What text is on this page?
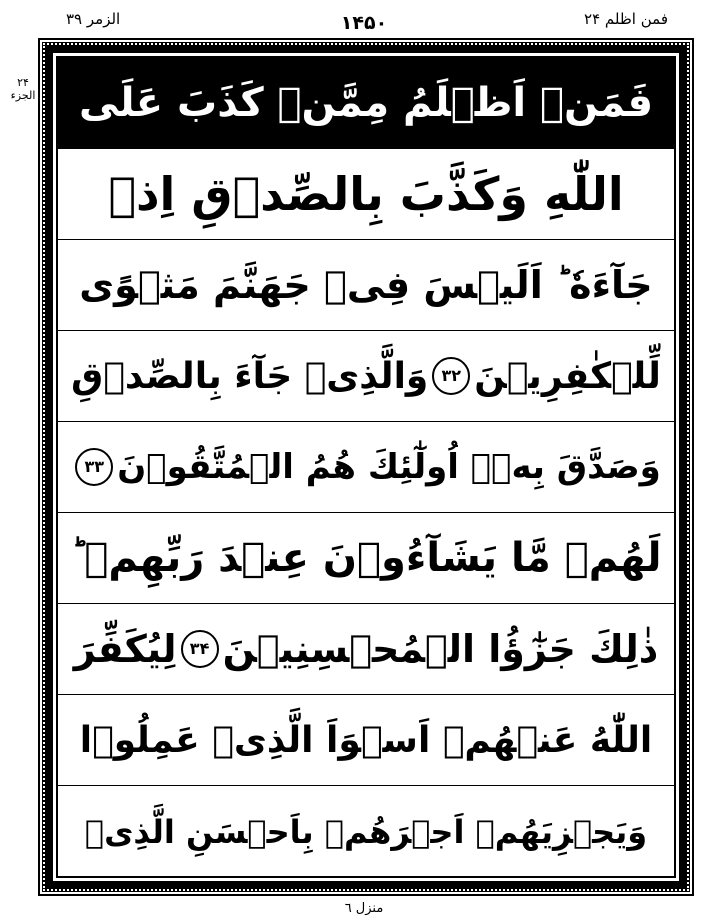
الزمر ۳۹	۱۴۵۰	فمن اظلم ۲۴
۲۴ الجزء فَمَنۡ اَظۡلَمُ مِمَّنۡ كَذَبَ عَلَى
اللّٰهِ وَكَذَّبَ بِالصِّدۡقِ اِذۡ
جَآءَهٗ ؕ اَلَيۡسَ فِىۡ جَهَنَّمَ مَثۡوًى
لِّلۡكٰفِرِيۡنَ
۳۲
وَالَّذِىۡ جَآءَ بِالصِّدۡقِ
وَصَدَّقَ بِهٖۤ اُولٰٓئِكَ هُمُ الۡمُتَّقُوۡنَ
۳۳
لَهُمۡ مَّا يَشَآءُوۡنَ عِنۡدَ رَبِّهِمۡ ؕ
ذٰلِكَ جَزٰٓؤُا الۡمُحۡسِنِيۡنَ
۳۴
لِيُكَفِّرَ
اللّٰهُ عَنۡهُمۡ اَسۡوَاَ الَّذِىۡ عَمِلُوۡا
وَيَجۡزِيَهُمۡ اَجۡرَهُمۡ بِاَحۡسَنِ الَّذِىۡ
منزل ٦
